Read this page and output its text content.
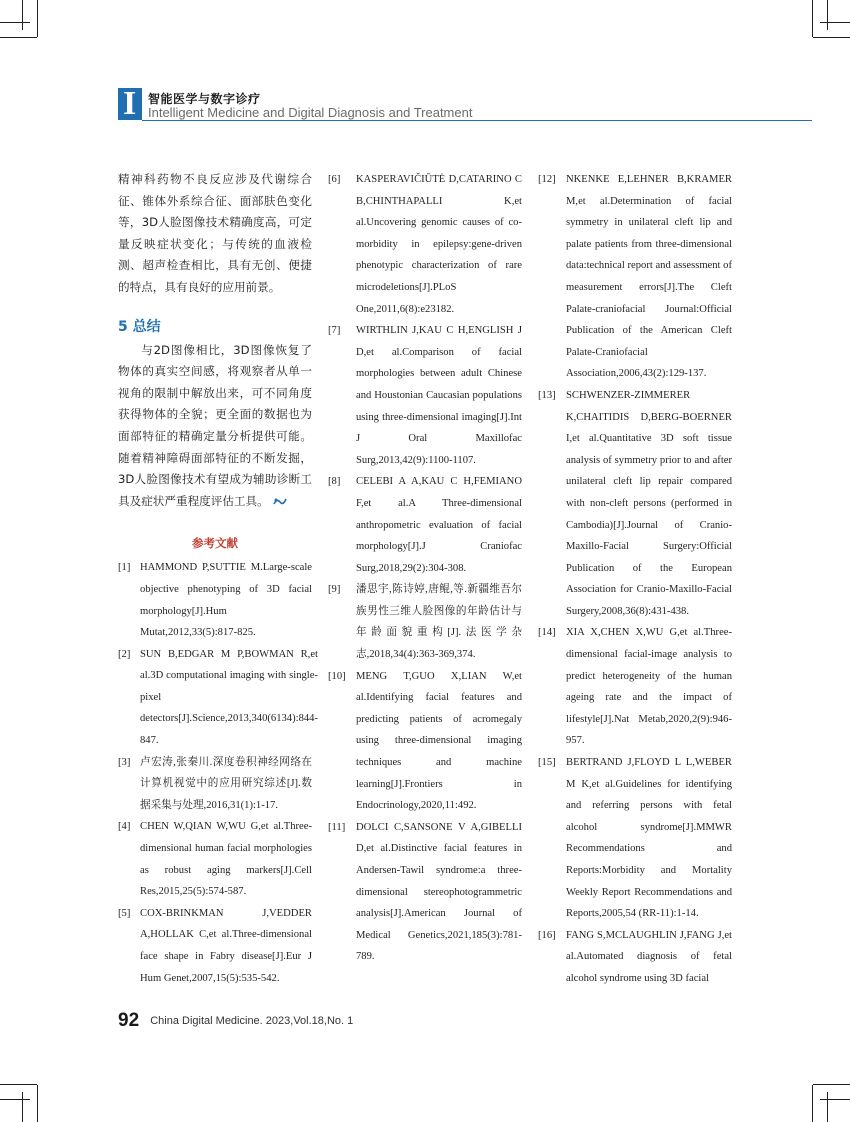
I 智能医学与数字诊疗
Intelligent Medicine and Digital Diagnosis and Treatment

精神科药物不良反应涉及代谢综合征、锥体外系综合征、面部肤色变化等，3D人脸图像技术精确度高，可定量反映症状变化；与传统的血液检测、超声检查相比，具有无创、便捷的特点，具有良好的应用前景。

5 总结

与2D图像相比，3D图像恢复了物体的真实空间感，将观察者从单一视角的限制中解放出来，可不同角度获得物体的全貌；更全面的数据也为面部特征的精确定量分析提供可能。随着精神障碍面部特征的不断发掘，3D人脸图像技术有望成为辅助诊断工具及症状严重程度评估工具。

参考文献
[1] HAMMOND P,SUTTIE M.Large-scale objective phenotyping of 3D facial morphology[J].Hum Mutat,2012,33(5):817-825.
[2] SUN B,EDGAR M P,BOWMAN R,et al.3D computational imaging with single-pixel detectors[J].Science,2013,340(6134):844-847.
[3] 卢宏涛,张秦川.深度卷积神经网络在计算机视觉中的应用研究综述[J].数据采集与处理,2016,31(1):1-17.
[4] CHEN W,QIAN W,WU G,et al.Three-dimensional human facial morphologies as robust aging markers[J].Cell Res,2015,25(5):574-587.
[5] COX-BRINKMAN J,VEDDER A,HOLLAK C,et al.Three-dimensional face shape in Fabry disease[J].Eur J Hum Genet,2007,15(5):535-542.
[6]	KASPERAVIČIŪTĖ D,CATARINO C B,CHINTHAPALLI K,et al.Uncovering genomic causes of co-morbidity in epilepsy:gene-driven phenotypic characterization of rare microdeletions[J].PLoS One,2011,6(8):e23182.
[7]	WIRTHLIN J,KAU C H,ENGLISH J D,et al.Comparison of facial morphologies between adult Chinese and Houstonian Caucasian populations using three-dimensional imaging[J].Int J Oral Maxillofac Surg,2013,42(9):1100-1107.
[8]	CELEBI A A,KAU C H,FEMIANO F,et al.A Three-dimensional anthropometric evaluation of facial morphology[J].J Craniofac Surg,2018,29(2):304-308.
[9]	潘思宇,陈诗婷,唐鲲,等.新疆维吾尔族男性三维人脸图像的年龄估计与年龄面貌重构[J].法医学杂志,2018,34(4):363-369,374.
[10] MENG T,GUO X,LIAN W,et al.Identifying facial features and predicting patients of acromegaly using three-dimensional imaging techniques and machine learning[J].Frontiers in Endocrinology,2020,11:492.
[11]	DOLCI C,SANSONE V A,GIBELLI D,et al.Distinctive facial features in Andersen-Tawil syndrome:a three-dimensional stereophotogrammetric analysis[J].American Journal of Medical Genetics,2021,185(3):781-789.
[12] NKENKE E,LEHNER B,KRAMER M,et al.Determination of facial symmetry in unilateral cleft lip and palate patients from three-dimensional data:technical report and assessment of measurement errors[J].The Cleft Palate-craniofacial Journal:Official Publication of the American Cleft Palate-Craniofacial Association,2006,43(2):129-137.
[13] SCHWENZER-ZIMMERER K,CHAITIDIS D,BERG-BOERNER I,et al.Quantitative 3D soft tissue analysis of symmetry prior to and after unilateral cleft lip repair compared with non-cleft persons (performed in Cambodia)[J].Journal of Cranio-Maxillo-Facial Surgery:Official Publication of the European Association for Cranio-Maxillo-Facial Surgery,2008,36(8):431-438.
[14] XIA X,CHEN X,WU G,et al.Three-dimensional facial-image analysis to predict heterogeneity of the human ageing rate and the impact of lifestyle[J].Nat Metab,2020,2(9):946-957.
[15] BERTRAND J,FLOYD L L,WEBER M K,et al.Guidelines for identifying and referring persons with fetal alcohol syndrome[J].MMWR Recommendations and Reports:Morbidity and Mortality Weekly Report Recommendations and Reports,2005,54 (RR-11):1-14.
[16] FANG S,MCLAUGHLIN J,FANG J,et al.Automated diagnosis of fetal alcohol syndrome using 3D facial
92 China Digital Medicine. 2023,Vol.18,No. 1
